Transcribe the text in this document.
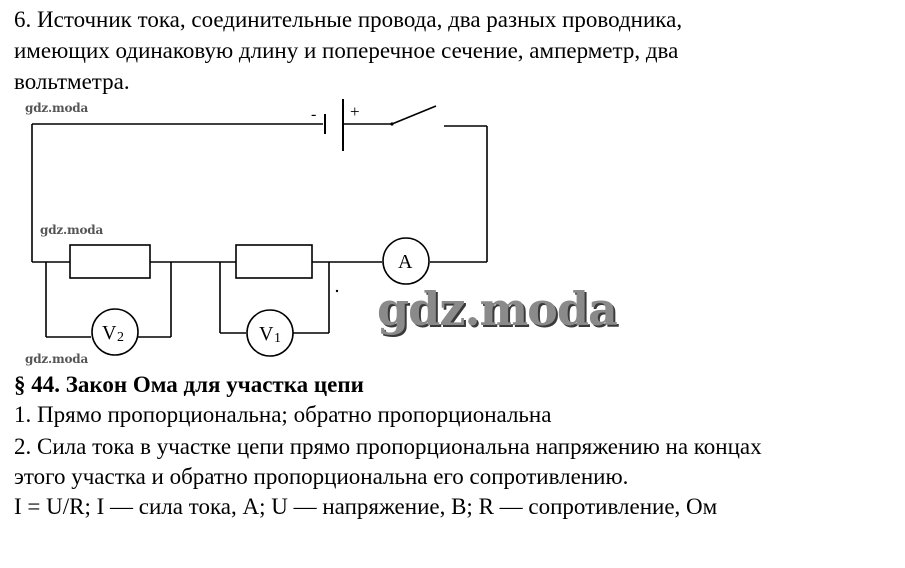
6. Источник тока, соединительные провода, два разных проводника,
имеющих одинаковую длину и поперечное сечение, амперметр, два
вольтметра.
- +
A
V 2	V 1
gdz.moda
gdz.moda
gdz.moda
gdz.moda
§ 44. Закон Ома для участка цепи
1. Прямо пропорциональна; обратно пропорциональна
2. Сила тока в участке цепи прямо пропорциональна напряжению на концах
этого участка и обратно пропорциональна его сопротивлению.
I = U/R; I — сила тока, А; U — напряжение, В; R — сопротивление, Ом
